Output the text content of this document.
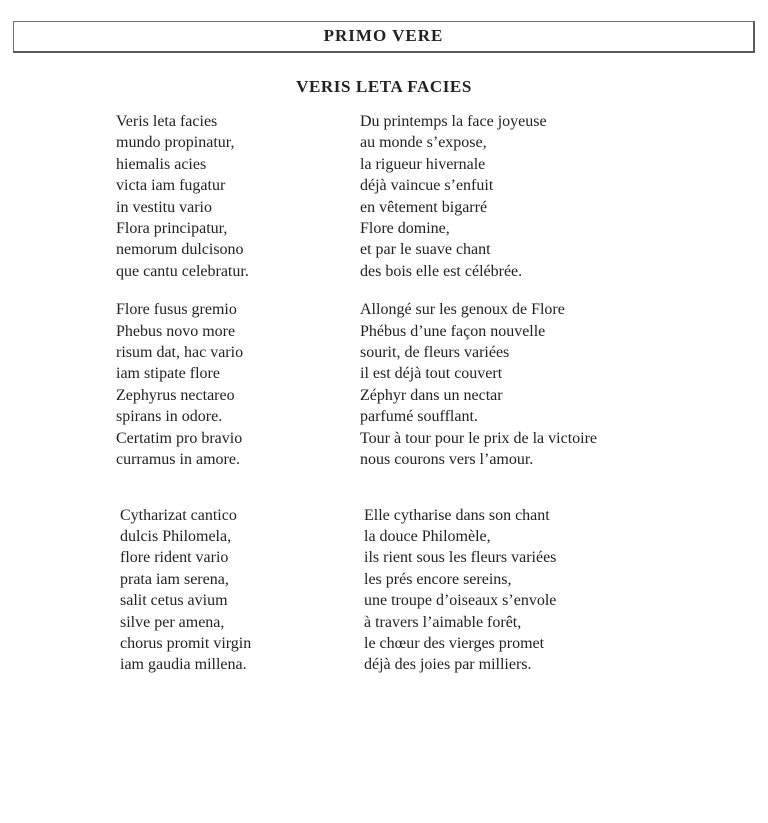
PRIMO VERE
VERIS LETA FACIES
Veris leta facies
mundo propinatur,
hiemalis acies
victa iam fugatur
in vestitu vario
Flora principatur,
nemorum dulcisono
que cantu celebratur.
Du printemps la face joyeuse
au monde s’expose,
la rigueur hivernale
déjà vaincue s’enfuit
en vêtement bigarré
Flore domine,
et par le suave chant
des bois elle est célébrée.
Flore fusus gremio
Phebus novo more
risum dat, hac vario
iam stipate flore
Zephyrus nectareo
spirans in odore.
Certatim pro bravio
curramus in amore.
Allongé sur les genoux de Flore
Phébus d’une façon nouvelle
sourit, de fleurs variées
il est déjà tout couvert
Zéphyr dans un nectar
parfumé soufflant.
Tour à tour pour le prix de la victoire
nous courons vers l’amour.
Cytharizat cantico
dulcis Philomela,
flore rident vario
prata iam serena,
salit cetus avium
silve per amena,
chorus promit virgin
iam gaudia millena.
Elle cytharise dans son chant
la douce Philomèle,
ils rient sous les fleurs variées
les prés encore sereins,
une troupe d’oiseaux s’envole
à travers l’aimable forêt,
le chœur des vierges promet
déjà des joies par milliers.
